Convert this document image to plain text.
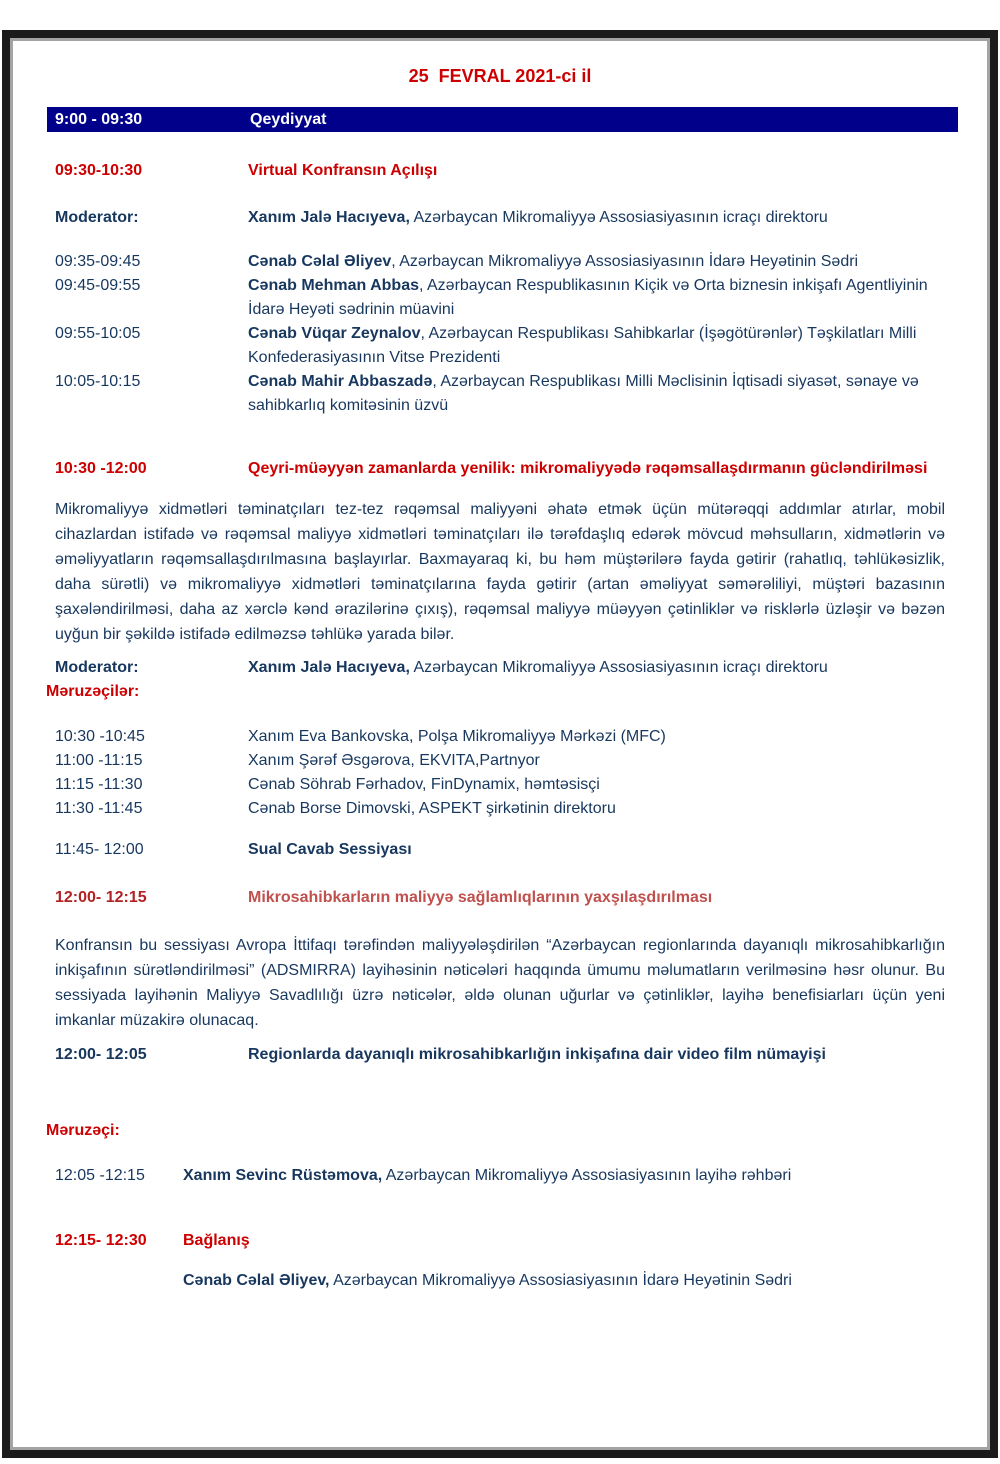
25  FEVRAL 2021-ci il
9:00 - 09:30	Qeydiyyat
09:30-10:30	Virtual Konfransın Açılışı
Moderator:	Xanım Jalə Hacıyeva, Azərbaycan Mikromaliyyə Assosiasiyasının icraçı direktoru
09:35-09:45	Cənab Cəlal Əliyev, Azərbaycan Mikromaliyyə Assosiasiyasının İdarə Heyətinin Sədri
09:45-09:55	Cənab Mehman Abbas, Azərbaycan Respublikasının Kiçik və Orta biznesin inkişafı Agentliyinin İdarə Heyəti sədrinin müavini
09:55-10:05	Cənab Vüqar Zeynalov, Azərbaycan Respublikası Sahibkarlar (İşəgötürənlər) Təşkilatları Milli Konfederasiyasının Vitse Prezidenti
10:05-10:15	Cənab Mahir Abbaszadə, Azərbaycan Respublikası Milli Məclisinin İqtisadi siyasət, sənaye və sahibkarlıq komitəsinin üzvü
10:30 -12:00	Qeyri-müəyyən zamanlarda yenilik: mikromaliyyədə rəqəmsallaşdırmanın gücləndirilməsi
Mikromaliyyə xidmətləri təminatçıları tez-tez rəqəmsal maliyyəni əhatə etmək üçün mütərəqqi addımlar atırlar, mobil cihazlardan istifadə və rəqəmsal maliyyə xidmətləri təminatçıları ilə tərəfdaşlıq edərək mövcud məhsulların, xidmətlərin və əməliyyatların rəqəmsallaşdırılmasına başlayırlar. Baxmayaraq ki, bu həm müştərilərə fayda gətirir (rahatlıq, təhlükəsizlik, daha sürətli) və mikromaliyyə xidmətləri təminatçılarına fayda gətirir (artan əməliyyat səmərəliliyi, müştəri bazasının şaxələndirilməsi, daha az xərclə kənd ərazilərinə çıxış), rəqəmsal maliyyə müəyyən çətinliklər və risklərlə üzləşir və bəzən uyğun bir şəkildə istifadə edilməzsə təhlükə yarada bilər.
Moderator:	Xanım Jalə Hacıyeva, Azərbaycan Mikromaliyyə Assosiasiyasının icraçı direktoru
Məruzəçilər:
10:30 -10:45	Xanım Eva Bankovska, Polşa Mikromaliyyə Mərkəzi (MFC)
11:00 -11:15	Xanım Şərəf Əsgərova, EKVITA,Partnyor
11:15 -11:30	Cənab Söhrab Fərhadov, FinDynamix, həmtəsisçi
11:30 -11:45	Cənab Borse Dimovski, ASPEKT şirkətinin direktoru
11:45- 12:00	Sual Cavab Sessiyası
12:00- 12:15	Mikrosahibkarların maliyyə sağlamlıqlarının yaxşılaşdırılması
Konfransın bu sessiyası Avropa İttifaqı tərəfindən maliyyələşdirilən “Azərbaycan regionlarında dayanıqlı mikrosahibkarlığın inkişafının sürətləndirilməsi” (ADSMIRRA) layihəsinin nəticələri haqqında ümumu məlumatların verilməsinə həsr olunur. Bu sessiyada layihənin Maliyyə Savadlılığı üzrə nəticələr, əldə olunan uğurlar və çətinliklər, layihə benefisiarları üçün yeni imkanlar müzakirə olunacaq.
12:00- 12:05	Regionlarda dayanıqlı mikrosahibkarlığın inkişafına dair video film nümayişi
Məruzəçi:
12:05 -12:15	Xanım Sevinc Rüstəmova, Azərbaycan Mikromaliyyə Assosiasiyasının layihə rəhbəri
12:15- 12:30	Bağlanış
Cənab Cəlal Əliyev, Azərbaycan Mikromaliyyə Assosiasiyasının İdarə Heyətinin Sədri
